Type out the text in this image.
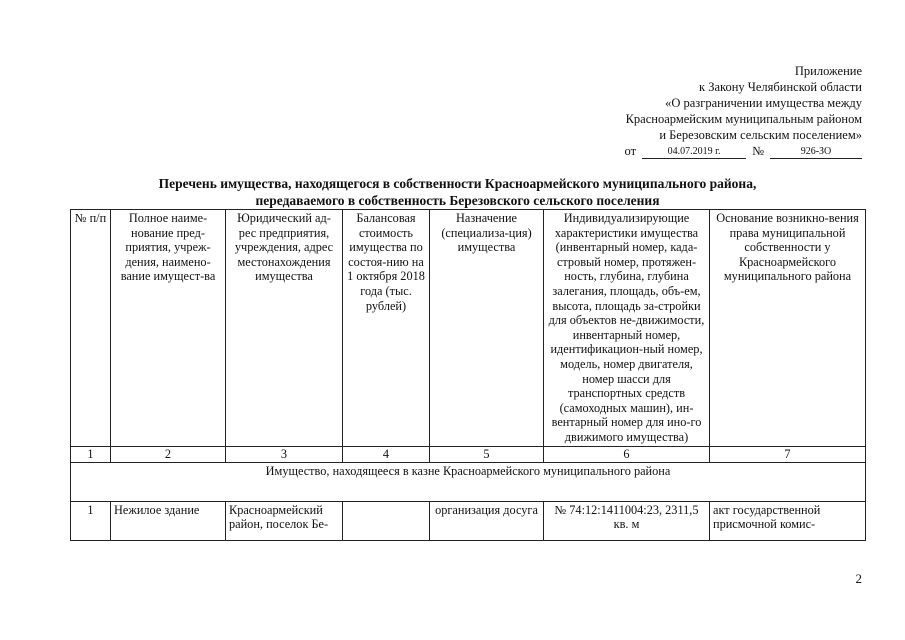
Приложение
к Закону Челябинской области
«О разграничении имущества между
Красноармейским муниципальным районом
и Березовским сельским поселением»
от	04.07.2019 г.	№	926-ЗО
Перечень имущества, находящегося в собственности Красноармейского муниципального района,
передаваемого в собственность Березовского сельского поселения
№ п/п	Полное наиме-нование пред-приятия, учреж-дения, наимено-вание имущест-ва	Юридический ад-рес предприятия, учреждения, адрес местонахождения имущества	Балансовая стоимость имущества по состоя-нию на 1 октября 2018 года (тыс. рублей)	Назначение (специализа-ция) имущества	Индивидуализирующие характеристики имущества (инвентарный номер, када-стровый номер, протяжен-ность, глубина, глубина залегания, площадь, объ-ем, высота, площадь за-стройки для объектов не-движимости, инвентарный номер, идентификацион-ный номер, модель, номер двигателя, номер шасси для транспортных средств (самоходных машин), ин-вентарный номер для ино-го движимого имущества)	Основание возникно-вения права муниципальной собственности у Красноармейского муниципального района
1	2	3	4	5	6	7
Имущество, находящееся в казне Красноармейского муниципального района						
1	Нежилое здание	Красноармейский район, поселок Бе-		организация досуга	№ 74:12:1411004:23, 2311,5 кв. м	акт государственной присмочной комис-
2
